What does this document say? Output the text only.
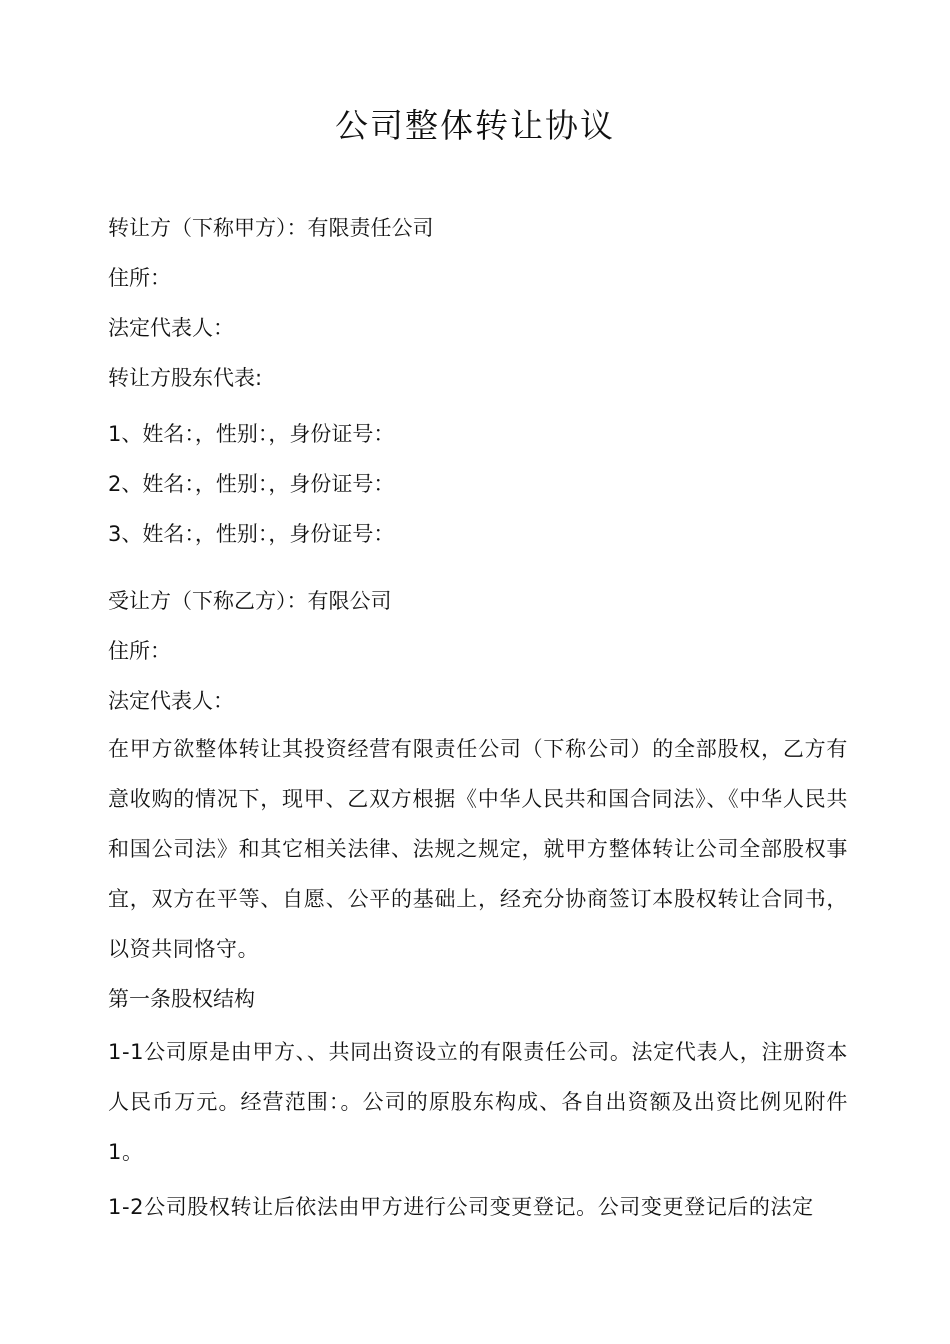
公司整体转让协议

转让方（下称甲方）：有限责任公司

住所：

法定代表人：

转让方股东代表:

1、姓名：，性别：，身份证号：

2、姓名：，性别：，身份证号：

3、姓名：，性别：，身份证号：

受让方（下称乙方）：有限公司

住所：

法定代表人：

在甲方欲整体转让其投资经营有限责任公司（下称公司）的全部股权，乙方有意收购的情况下，现甲、乙双方根据《中华人民共和国合同法》、《中华人民共和国公司法》和其它相关法律、法规之规定，就甲方整体转让公司全部股权事宜，双方在平等、自愿、公平的基础上，经充分协商签订本股权转让合同书，以资共同恪守。

第一条股权结构

1-1公司原是由甲方、、共同出资设立的有限责任公司。法定代表人，注册资本人民币万元。经营范围：。公司的原股东构成、各自出资额及出资比例见附件1。

1-2公司股权转让后依法由甲方进行公司变更登记。公司变更登记后的法定
